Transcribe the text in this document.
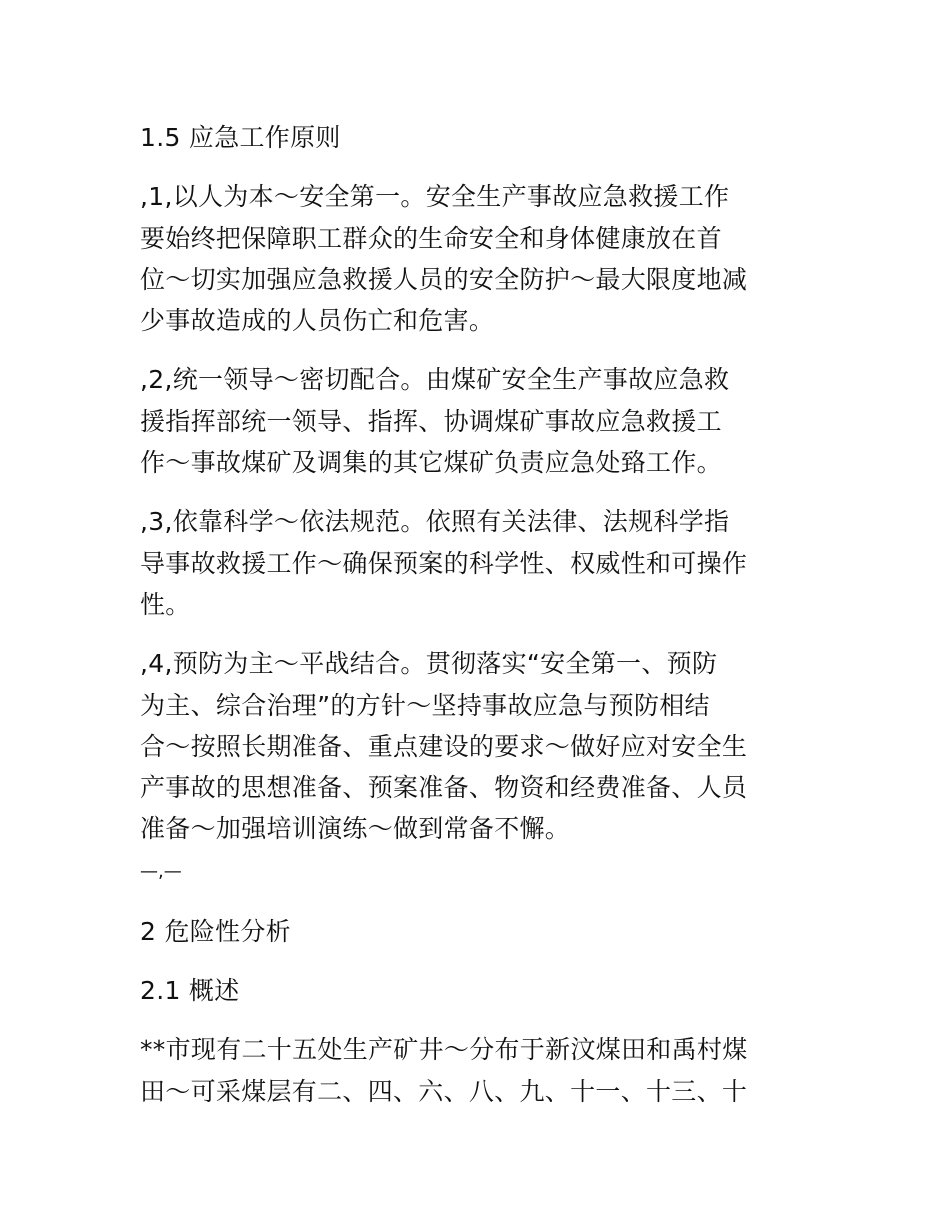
1.5 应急工作原则
,1,以人为本～安全第一。安全生产事故应急救援工作
要始终把保障职工群众的生命安全和身体健康放在首
位～切实加强应急救援人员的安全防护～最大限度地减
少事故造成的人员伤亡和危害。
,2,统一领导～密切配合。由煤矿安全生产事故应急救
援指挥部统一领导、指挥、协调煤矿事故应急救援工
作～事故煤矿及调集的其它煤矿负责应急处臵工作。
,3,依靠科学～依法规范。依照有关法律、法规科学指
导事故救援工作～确保预案的科学性、权威性和可操作
性。
,4,预防为主～平战结合。贯彻落实“安全第一、预防
为主、综合治理”的方针～坚持事故应急与预防相结
合～按照长期准备、重点建设的要求～做好应对安全生
产事故的思想准备、预案准备、物资和经费准备、人员
准备～加强培训演练～做到常备不懈。
—,—
2 危险性分析
2.1 概述
**市现有二十五处生产矿井～分布于新汶煤田和禹村煤
田～可采煤层有二、四、六、八、九、十一、十三、十
